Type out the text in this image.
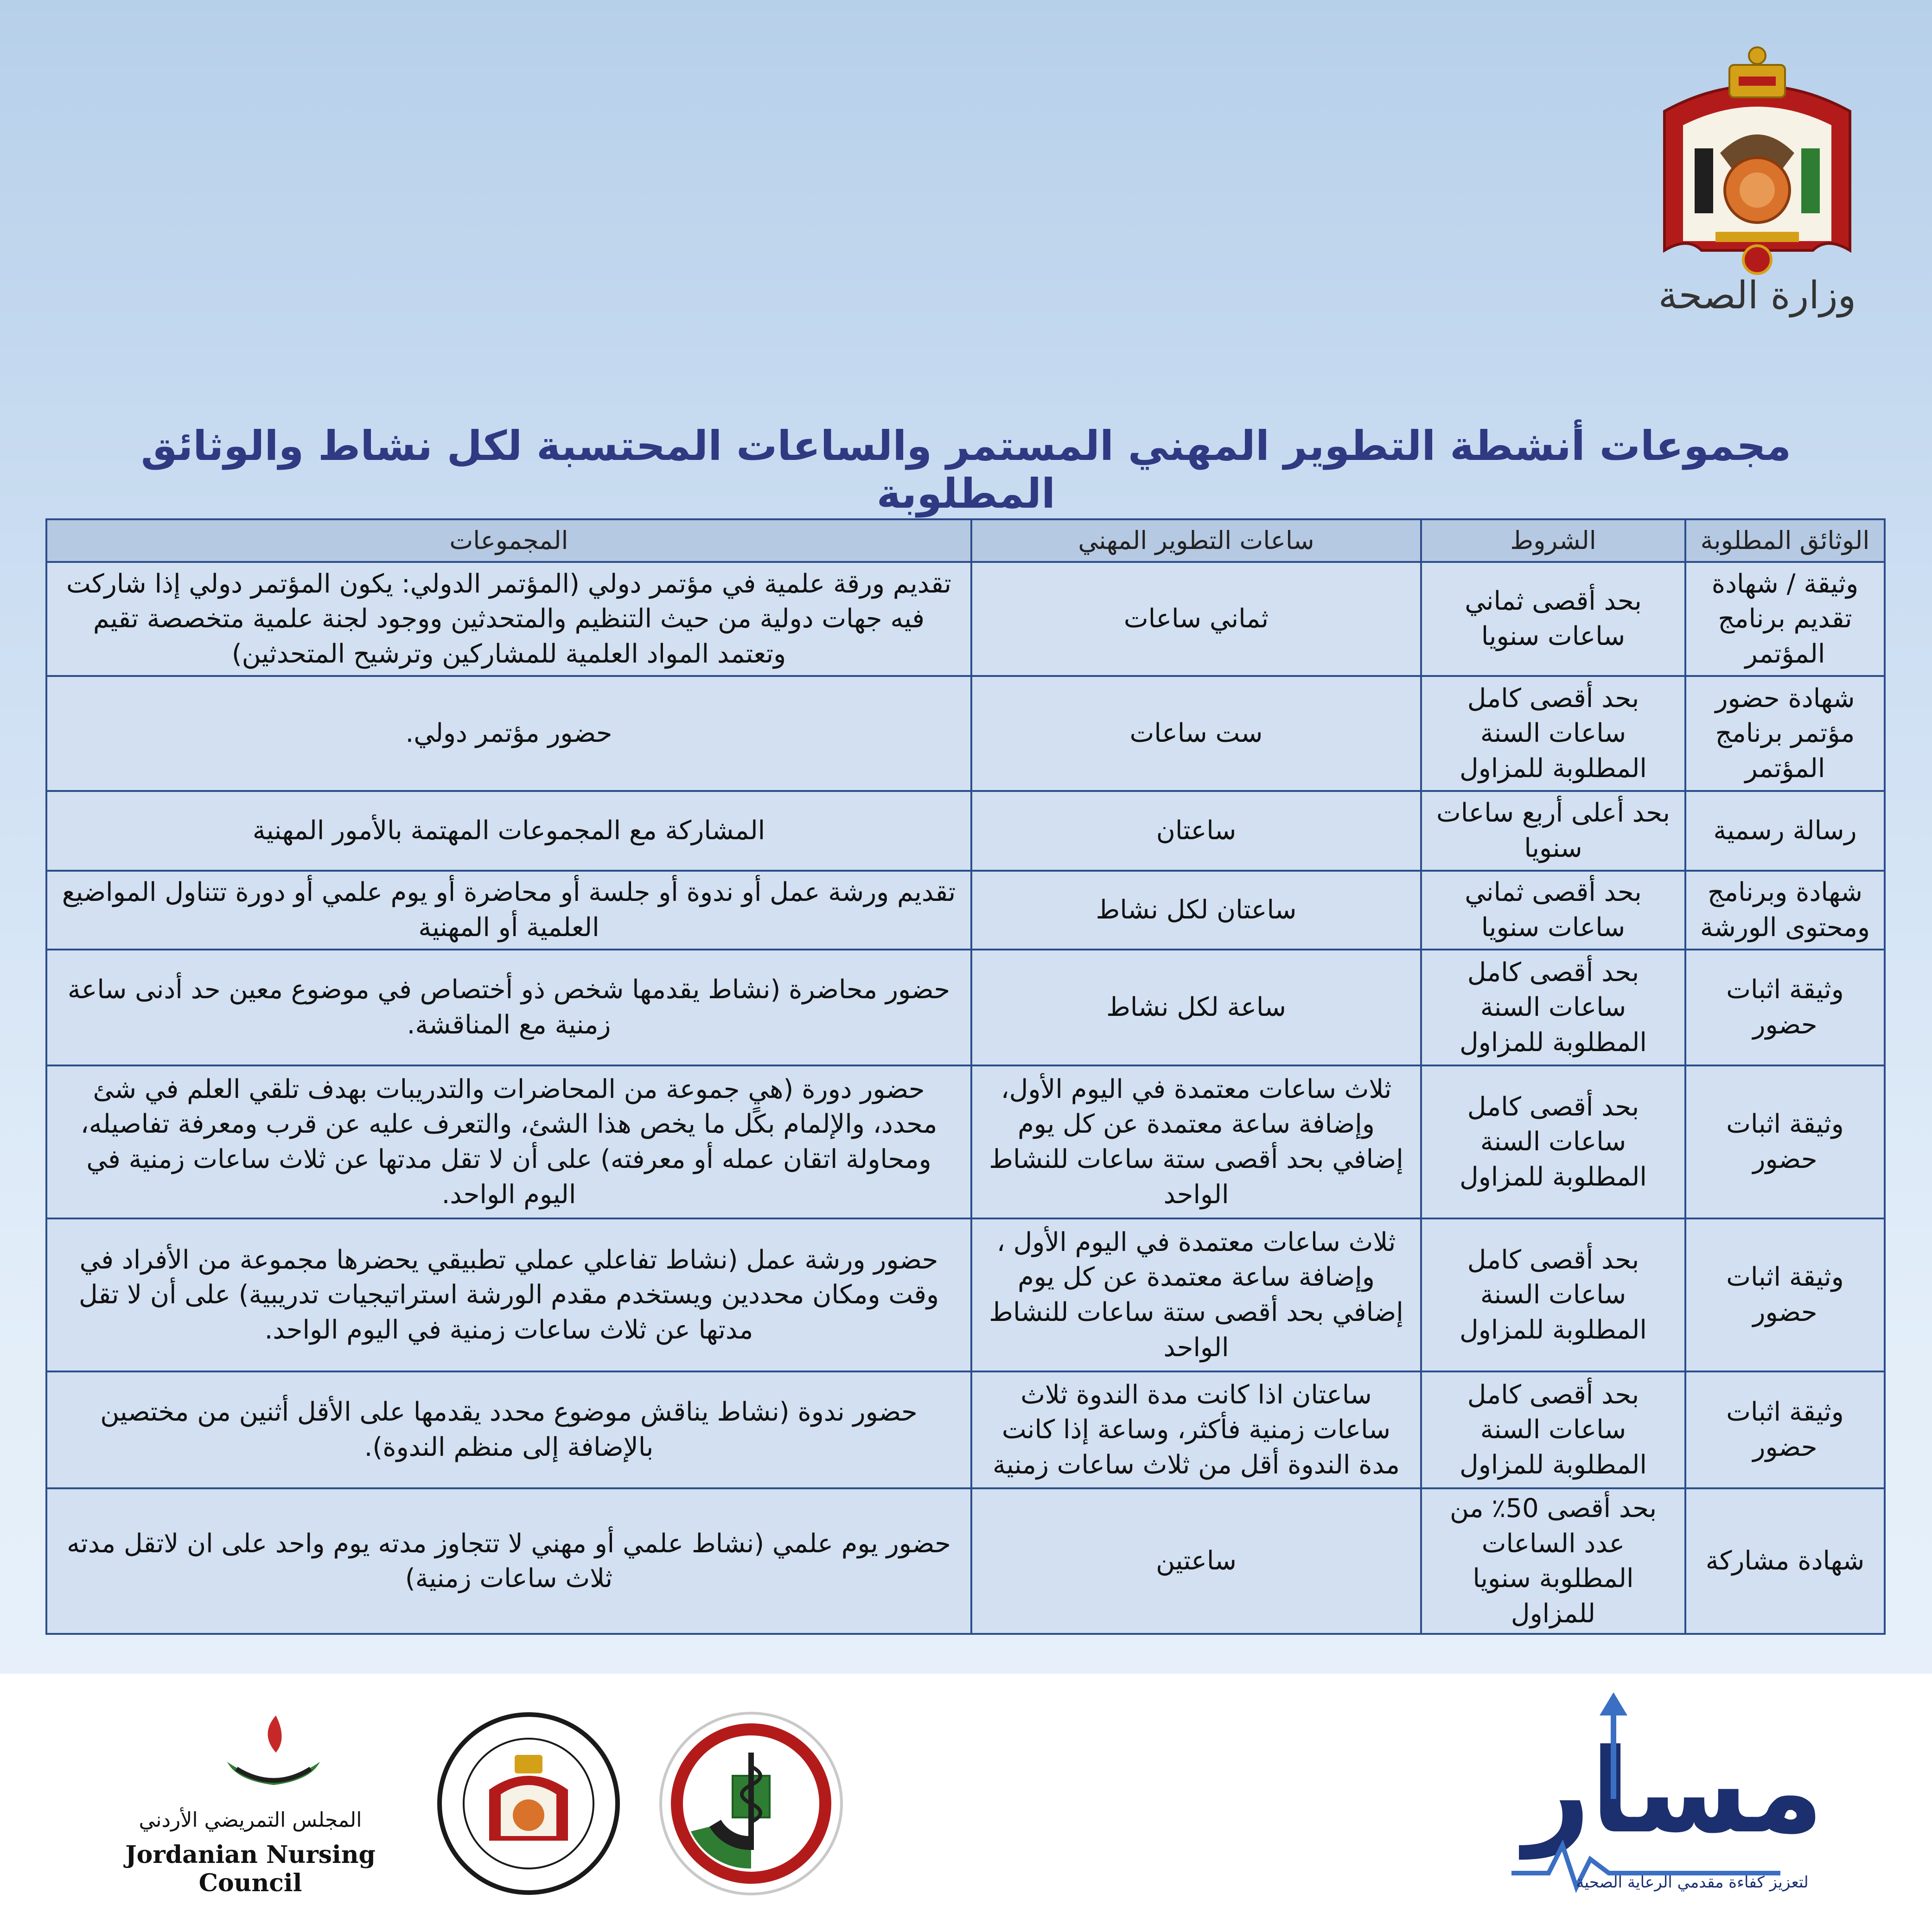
وزارة الصحة
مجموعات أنشطة التطوير المهني المستمر والساعات المحتسبة لكل نشاط والوثائق المطلوبة
الوثائق المطلوبة	الشروط	ساعات التطوير المهني	المجموعات
وثيقة / شهادة تقديم برنامج المؤتمر	بحد أقصى ثماني ساعات سنويا	ثماني ساعات	تقديم ورقة علمية في مؤتمر دولي (المؤتمر الدولي: يكون المؤتمر دولي إذا شاركت فيه جهات دولية من حيث التنظيم والمتحدثين ووجود لجنة علمية متخصصة تقيم وتعتمد المواد العلمية للمشاركين وترشيح المتحدثين)
شهادة حضور مؤتمر برنامج المؤتمر	بحد أقصى كامل ساعات السنة المطلوبة للمزاول	ست ساعات	حضور مؤتمر دولي.
رسالة رسمية	بحد أعلى أربع ساعات سنويا	ساعتان	المشاركة مع المجموعات المهتمة بالأمور المهنية
شهادة وبرنامج ومحتوى الورشة	بحد أقصى ثماني ساعات سنويا	ساعتان لكل نشاط	تقديم ورشة عمل أو ندوة أو جلسة أو محاضرة أو يوم علمي أو دورة تتناول المواضيع العلمية أو المهنية
وثيقة اثبات حضور	بحد أقصى كامل ساعات السنة المطلوبة للمزاول	ساعة لكل نشاط	حضور محاضرة (نشاط يقدمها شخص ذو أختصاص في موضوع معين حد أدنى ساعة زمنية مع المناقشة.
وثيقة اثبات حضور	بحد أقصى كامل ساعات السنة المطلوبة للمزاول	ثلاث ساعات معتمدة في اليوم الأول، وإضافة ساعة معتمدة عن كل يوم إضافي بحد أقصى ستة ساعات للنشاط الواحد	حضور دورة (هي جموعة من المحاضرات والتدريبات بهدف تلقي العلم في شئ محدد، والإلمام بكًل ما يخص هذا الشئ، والتعرف عليه عن قرب ومعرفة تفاصيله، ومحاولة اتقان عمله أو معرفته) على أن لا تقل مدتها عن ثلاث ساعات زمنية في اليوم الواحد.
وثيقة اثبات حضور	بحد أقصى كامل ساعات السنة المطلوبة للمزاول	ثلاث ساعات معتمدة في اليوم الأول ، وإضافة ساعة معتمدة عن كل يوم إضافي بحد أقصى ستة ساعات للنشاط الواحد	حضور ورشة عمل (نشاط تفاعلي عملي تطبيقي يحضرها مجموعة من الأفراد في وقت ومكان محددين ويستخدم مقدم الورشة استراتيجيات تدريبية) على أن لا تقل مدتها عن ثلاث ساعات زمنية في اليوم الواحد.
وثيقة اثبات حضور	بحد أقصى كامل ساعات السنة المطلوبة للمزاول	ساعتان اذا كانت مدة الندوة ثلاث ساعات زمنية فأكثر، وساعة إذا كانت مدة الندوة أقل من ثلاث ساعات زمنية	حضور ندوة (نشاط يناقش موضوع محدد يقدمها على الأقل أثنين من مختصين بالإضافة إلى منظم الندوة).
شهادة مشاركة	بحد أقصى 50٪ من عدد الساعات المطلوبة سنويا للمزاول	ساعتين	حضور يوم علمي (نشاط علمي أو مهني لا تتجاوز مدته يوم واحد على ان لاتقل مدته ثلاث ساعات زمنية)
مسار
لتعزيز كفاءة مقدمي الرعاية الصحية
المجلس التمريضي الأردني
Jordanian Nursing Council
